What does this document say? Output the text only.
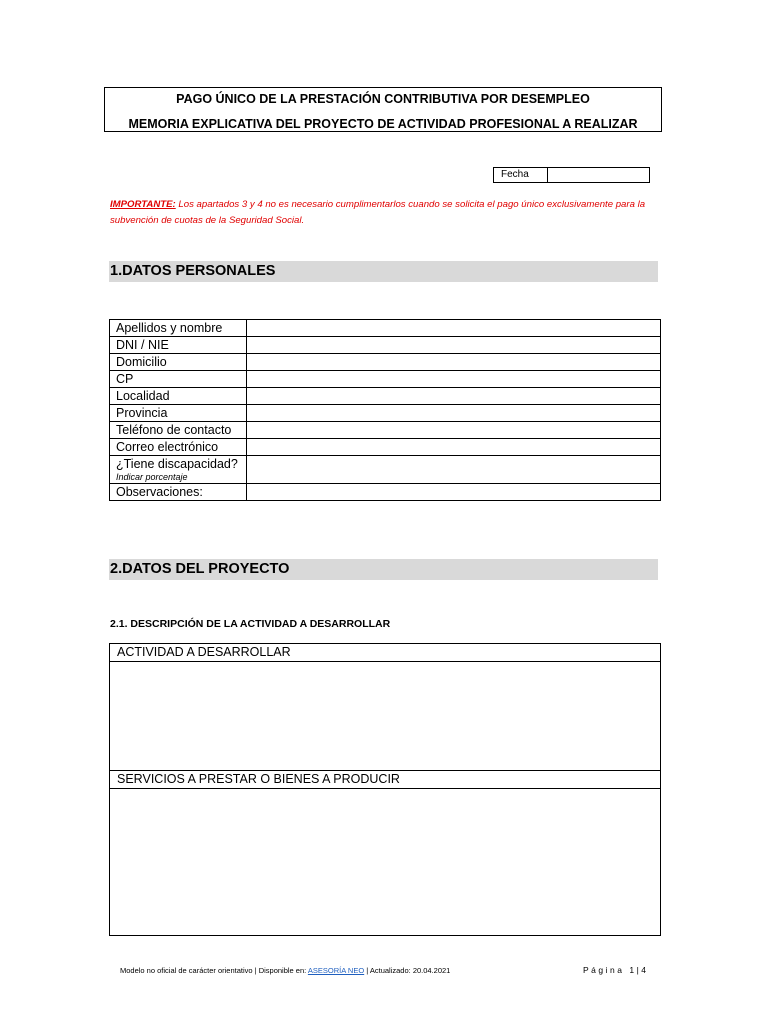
PAGO ÚNICO DE LA PRESTACIÓN CONTRIBUTIVA POR DESEMPLEO
MEMORIA EXPLICATIVA DEL PROYECTO DE ACTIVIDAD PROFESIONAL A REALIZAR
Fecha
IMPORTANTE: Los apartados 3 y 4 no es necesario cumplimentarlos cuando se solicita el pago único exclusivamente para la subvención de cuotas de la Seguridad Social.
1.DATOS PERSONALES
Apellidos y nombre	
DNI / NIE	
Domicilio	
CP	
Localidad	
Provincia	
Teléfono de contacto	
Correo electrónico	
¿Tiene discapacidad?
Indicar porcentaje	

Observaciones:	
2.DATOS DEL PROYECTO
2.1. DESCRIPCIÓN DE LA ACTIVIDAD A DESARROLLAR
ACTIVIDAD A DESARROLLAR
SERVICIOS A PRESTAR O BIENES A PRODUCIR
Modelo no oficial de carácter orientativo | Disponible en: ASESORÍA NEO | Actualizado: 20.04.2021	Página 1|4
